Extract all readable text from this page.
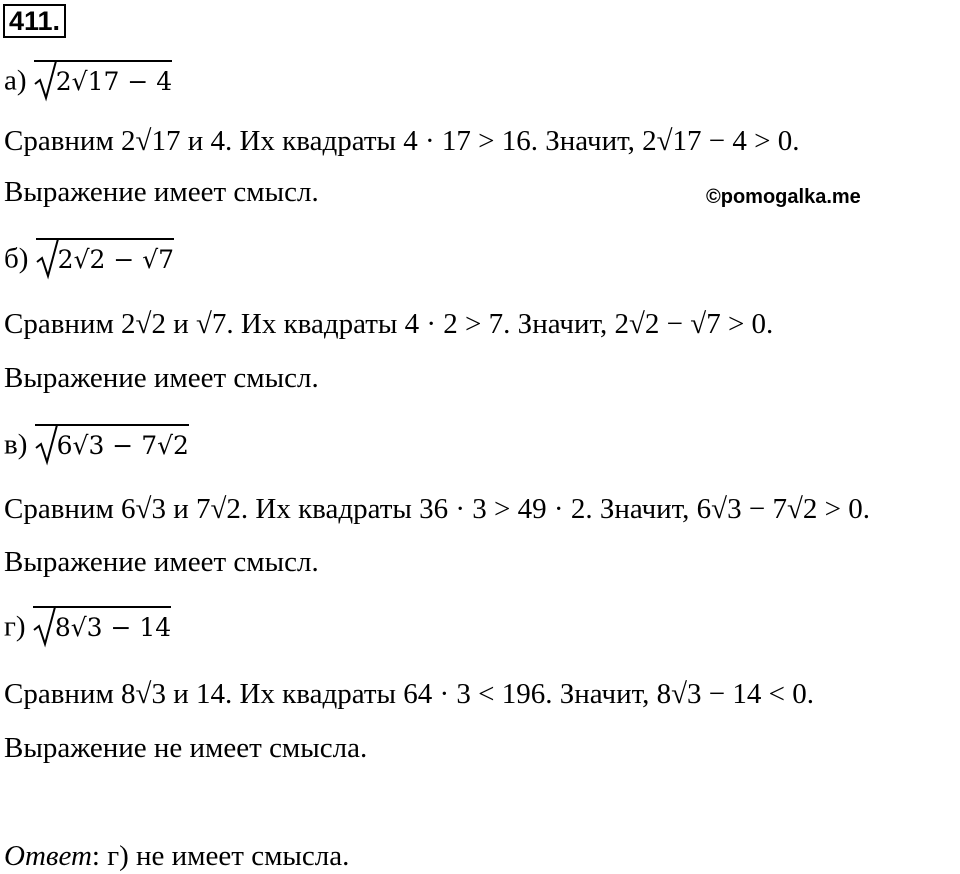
411.
а) 2√17 − 4
Сравним 2√17 и 4. Их квадраты 4 · 17 > 16. Значит, 2√17 − 4 > 0.
Выражение имеет смысл.	©pomogalka.me
б) 2√2 − √7
Сравним 2√2 и √7. Их квадраты 4 · 2 > 7. Значит, 2√2 − √7 > 0.
Выражение имеет смысл.
в) 6√3 − 7√2
Сравним 6√3 и 7√2. Их квадраты 36 · 3 > 49 · 2. Значит, 6√3 − 7√2 > 0.
Выражение имеет смысл.
г) 8√3 − 14
Сравним 8√3 и 14. Их квадраты 64 · 3 < 196. Значит, 8√3 − 14 < 0.
Выражение не имеет смысла.
Ответ: г) не имеет смысла.
